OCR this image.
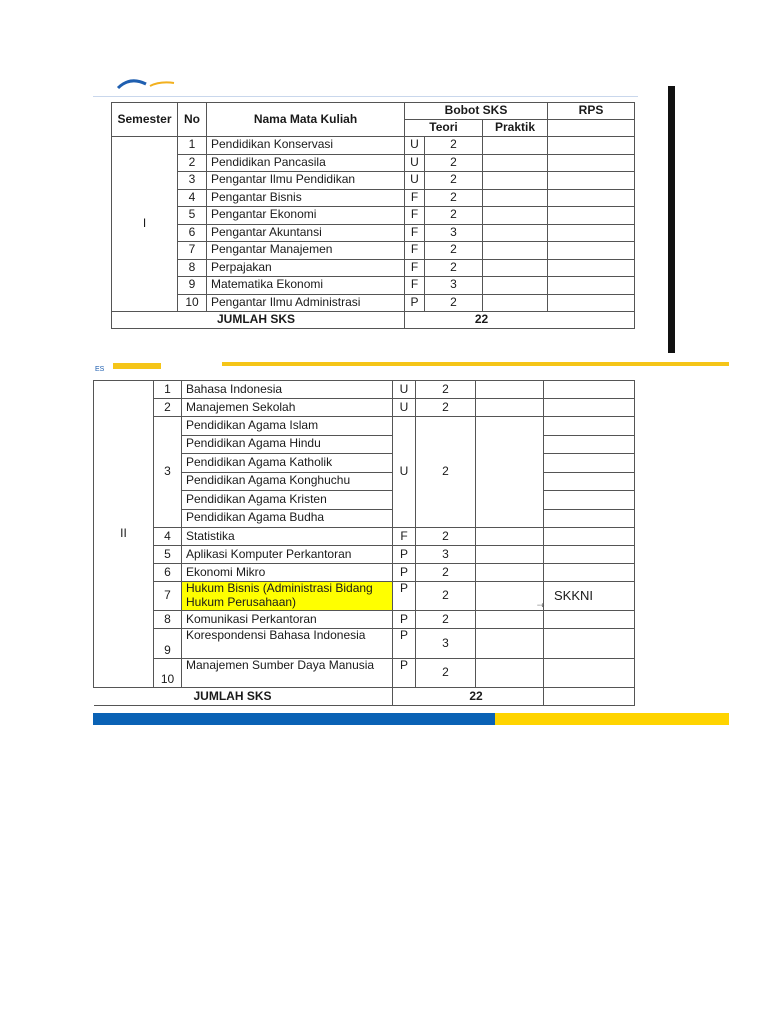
Semester	No	Nama Mata Kuliah	Bobot SKS			RPS
			Teori		Praktik	
I	1	Pendidikan Konservasi	U	2		
	2	Pendidikan Pancasila	U	2		
	3	Pengantar Ilmu Pendidikan	U	2		
	4	Pengantar Bisnis	F	2		
	5	Pengantar Ekonomi	F	2		
	6	Pengantar Akuntansi	F	3		
	7	Pengantar Manajemen	F	2		
	8	Perpajakan	F	2		
	9	Matematika Ekonomi	F	3		
	10	Pengantar Ilmu Administrasi	P	2		
JUMLAH SKS			22			
ES
II	1	Bahasa Indonesia	U	2		
	2	Manajemen Sekolah	U	2		
	3	Pendidikan Agama Islam	U	2		
		Pendidikan Agama Hindu				
		Pendidikan Agama Katholik				
		Pendidikan Agama Konghuchu				
		Pendidikan Agama Kristen				
		Pendidikan Agama Budha				
	4	Statistika	F	2		
	5	Aplikasi Komputer Perkantoran	P	3		
	6	Ekonomi Mikro	P	2		
	7	Hukum Bisnis (Administrasi Bidang Hukum Perusahaan)	P	2		SKKNI
	8	Komunikasi Perkantoran	P	2		
	9	Korespondensi Bahasa Indonesia	P	3		
	10	Manajemen Sumber Daya Manusia	P	2		
JUMLAH SKS			22			
⇢
